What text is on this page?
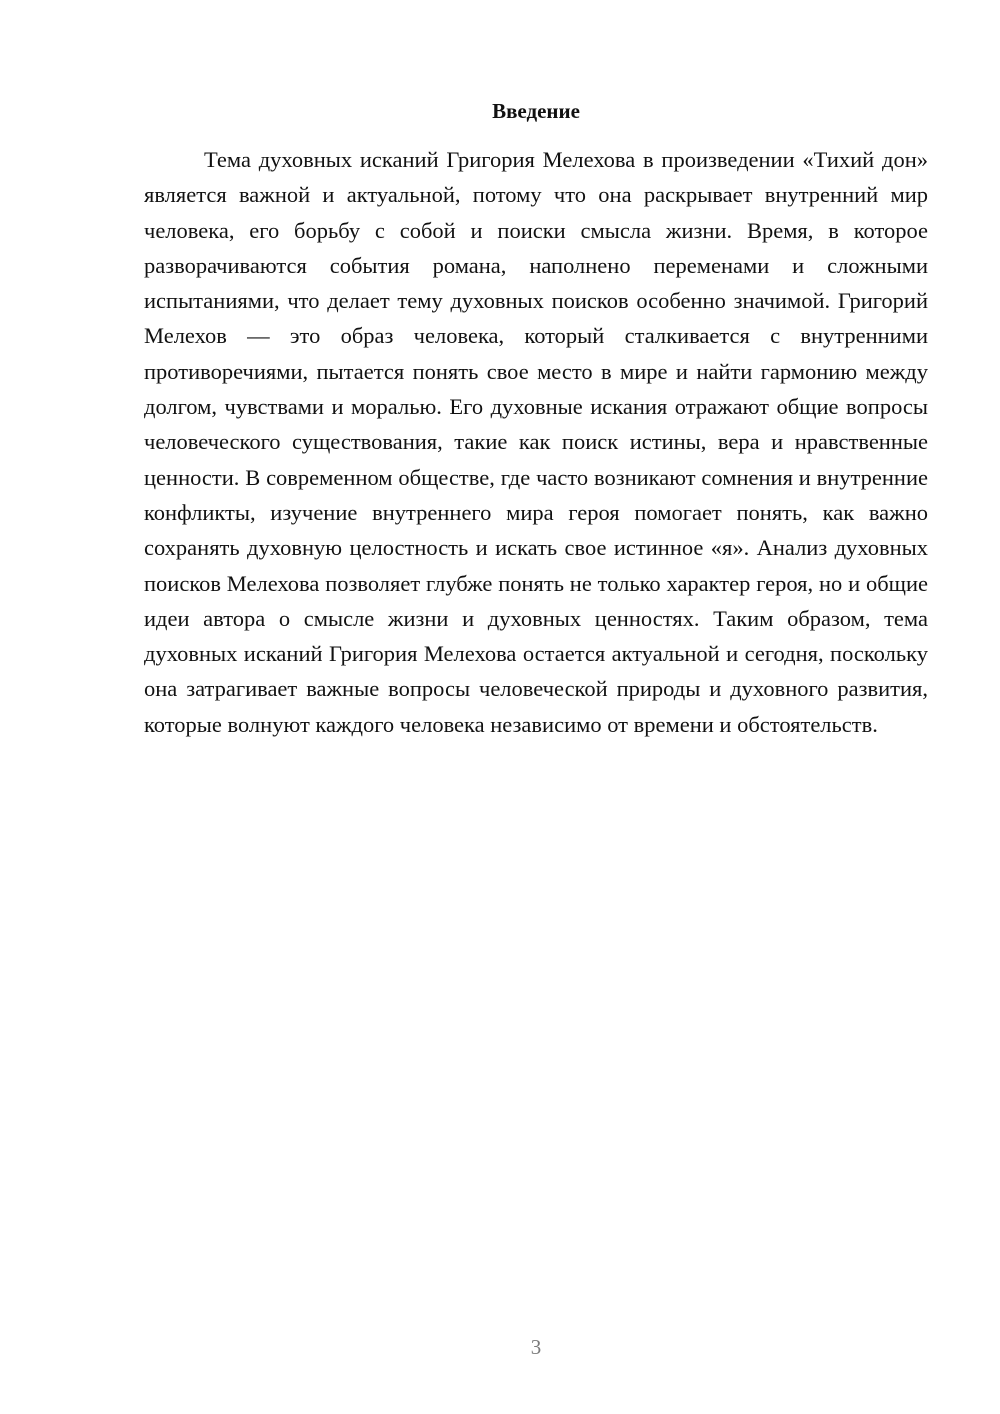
Введение

Тема духовных исканий Григория Мелехова в произведении «Тихий дон» является важной и актуальной, потому что она раскрывает внутренний мир человека, его борьбу с собой и поиски смысла жизни. Время, в которое разворачиваются события романа, наполнено переменами и сложными испытаниями, что делает тему духовных поисков особенно значимой. Григорий Мелехов — это образ человека, который сталкивается с внутренними противоречиями, пытается понять свое место в мире и найти гармонию между долгом, чувствами и моралью. Его духовные искания отражают общие вопросы человеческого существования, такие как поиск истины, вера и нравственные ценности. В современном обществе, где часто возникают сомнения и внутренние конфликты, изучение внутреннего мира героя помогает понять, как важно сохранять духовную целостность и искать свое истинное «я». Анализ духовных поисков Мелехова позволяет глубже понять не только характер героя, но и общие идеи автора о смысле жизни и духовных ценностях. Таким образом, тема духовных исканий Григория Мелехова остается актуальной и сегодня, поскольку она затрагивает важные вопросы человеческой природы и духовного развития, которые волнуют каждого человека независимо от времени и обстоятельств.

3
